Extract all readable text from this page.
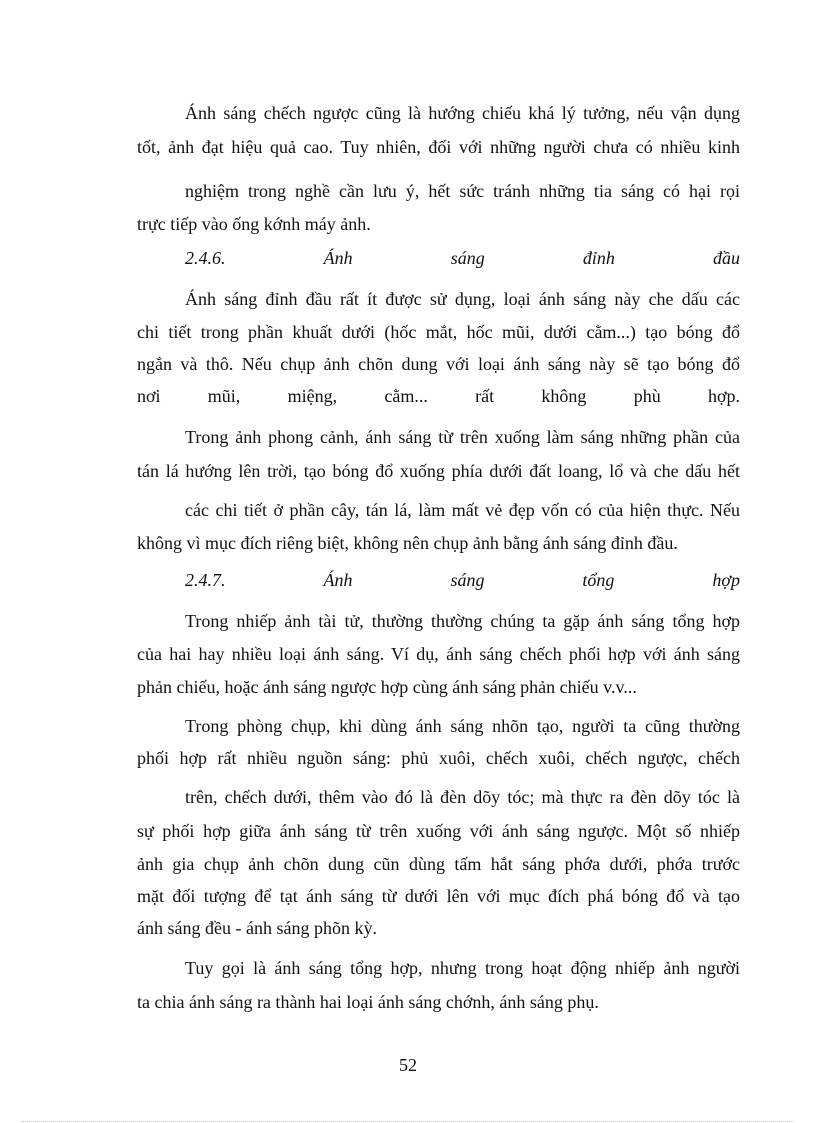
Ánh sáng chếch ngược cũng là hướng chiếu khá lý tưởng, nếu vận dụng
tốt, ảnh đạt hiệu quả cao. Tuy nhiên, đối với những người chưa có nhiều kinh
nghiệm trong nghề cần lưu ý, hết sức tránh những tia sáng có hại rọi
trực tiếp vào ống kớnh máy ảnh.
2.4.6. Ánh sáng đỉnh đầu
Ánh sáng đỉnh đầu rất ít được sử dụng, loại ánh sáng này che dấu các
chi tiết trong phần khuất dưới (hốc mắt, hốc mũi, dưới cằm...) tạo bóng đổ
ngắn và thô. Nếu chụp ảnh chõn dung với loại ánh sáng này sẽ tạo bóng đổ
nơi mũi, miệng, cằm... rất không phù hợp.
Trong ảnh phong cảnh, ánh sáng từ trên xuống làm sáng những phần của
tán lá hướng lên trời, tạo bóng đổ xuống phía dưới đất loang, lổ và che dấu hết
các chi tiết ở phần cây, tán lá, làm mất vẻ đẹp vốn có của hiện thực. Nếu
không vì mục đích riêng biệt, không nên chụp ảnh bằng ánh sáng đỉnh đầu.
2.4.7. Ánh sáng tổng hợp
Trong nhiếp ảnh tài tử, thường thường chúng ta gặp ánh sáng tổng hợp
của hai hay nhiều loại ánh sáng. Ví dụ, ánh sáng chếch phối hợp với ánh sáng
phản chiếu, hoặc ánh sáng ngược hợp cùng ánh sáng phản chiếu v.v...
Trong phòng chụp, khi dùng ánh sáng nhõn tạo, người ta cũng thường
phối hợp rất nhiều nguồn sáng: phủ xuôi, chếch xuôi, chếch ngược, chếch
trên, chếch dưới, thêm vào đó là đèn dõy tóc; mà thực ra đèn dõy tóc là
sự phối hợp giữa ánh sáng từ trên xuống với ánh sáng ngược. Một số nhiếp
ảnh gia chụp ảnh chõn dung cũn dùng tấm hắt sáng phớa dưới, phớa trước
mặt đối tượng để tạt ánh sáng từ dưới lên với mục đích phá bóng đổ và tạo
ánh sáng đều - ánh sáng phõn kỳ.
Tuy gọi là ánh sáng tổng hợp, nhưng trong hoạt động nhiếp ảnh người
ta chia ánh sáng ra thành hai loại ánh sáng chớnh, ánh sáng phụ.
52
